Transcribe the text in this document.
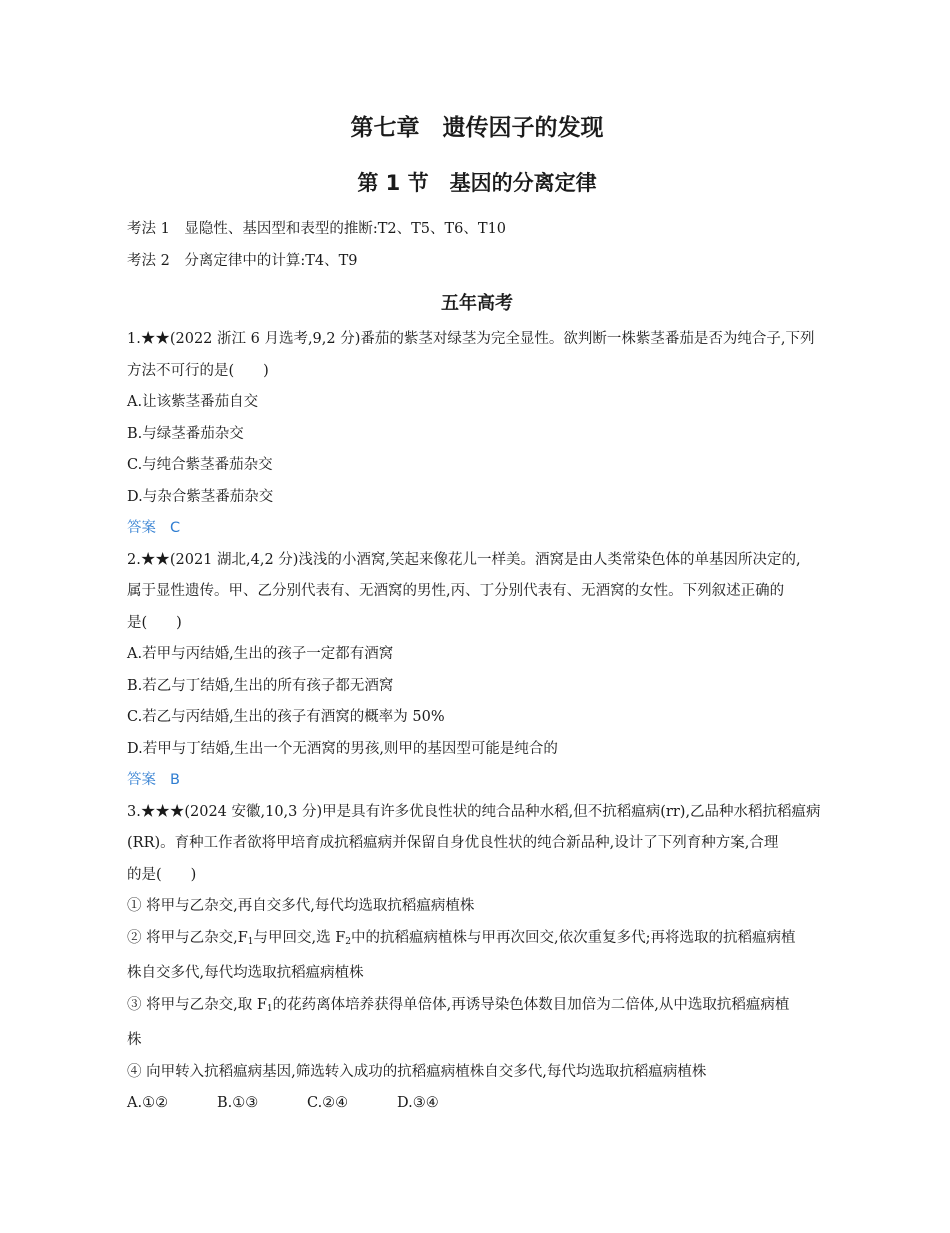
第七章　遗传因子的发现
第 1 节　基因的分离定律
考法 1　显隐性、基因型和表型的推断:T2、T5、T6、T10
考法 2　分离定律中的计算:T4、T9
五年高考
1.★★(2022 浙江 6 月选考,9,2 分)番茄的紫茎对绿茎为完全显性。欲判断一株紫茎番茄是否为纯合子,下列
方法不可行的是(　　)
A.让该紫茎番茄自交
B.与绿茎番茄杂交
C.与纯合紫茎番茄杂交
D.与杂合紫茎番茄杂交
答案 C
2.★★(2021 湖北,4,2 分)浅浅的小酒窝,笑起来像花儿一样美。酒窝是由人类常染色体的单基因所决定的,
属于显性遗传。甲、乙分别代表有、无酒窝的男性,丙、丁分别代表有、无酒窝的女性。下列叙述正确的
是(　　)
A.若甲与丙结婚,生出的孩子一定都有酒窝
B.若乙与丁结婚,生出的所有孩子都无酒窝
C.若乙与丙结婚,生出的孩子有酒窝的概率为 50%
D.若甲与丁结婚,生出一个无酒窝的男孩,则甲的基因型可能是纯合的
答案 B
3.★★★(2024 安徽,10,3 分)甲是具有许多优良性状的纯合品种水稻,但不抗稻瘟病(rr),乙品种水稻抗稻瘟病
(RR)。育种工作者欲将甲培育成抗稻瘟病并保留自身优良性状的纯合新品种,设计了下列育种方案,合理
的是(　　)
① 将甲与乙杂交,再自交多代,每代均选取抗稻瘟病植株
② 将甲与乙杂交$,F_1$与甲回交,选 $F_2$中的抗稻瘟病植株与甲再次回交,依次重复多代;再将选取的抗稻瘟病植
株自交多代,每代均选取抗稻瘟病植株
③ 将甲与乙杂交,取 $F_1$的花药离体培养获得单倍体,再诱导染色体数目加倍为二倍体,从中选取抗稻瘟病植
株
④ 向甲转入抗稻瘟病基因,筛选转入成功的抗稻瘟病植株自交多代,每代均选取抗稻瘟病植株
A.①②	B.①③	C.②④	D.③④
